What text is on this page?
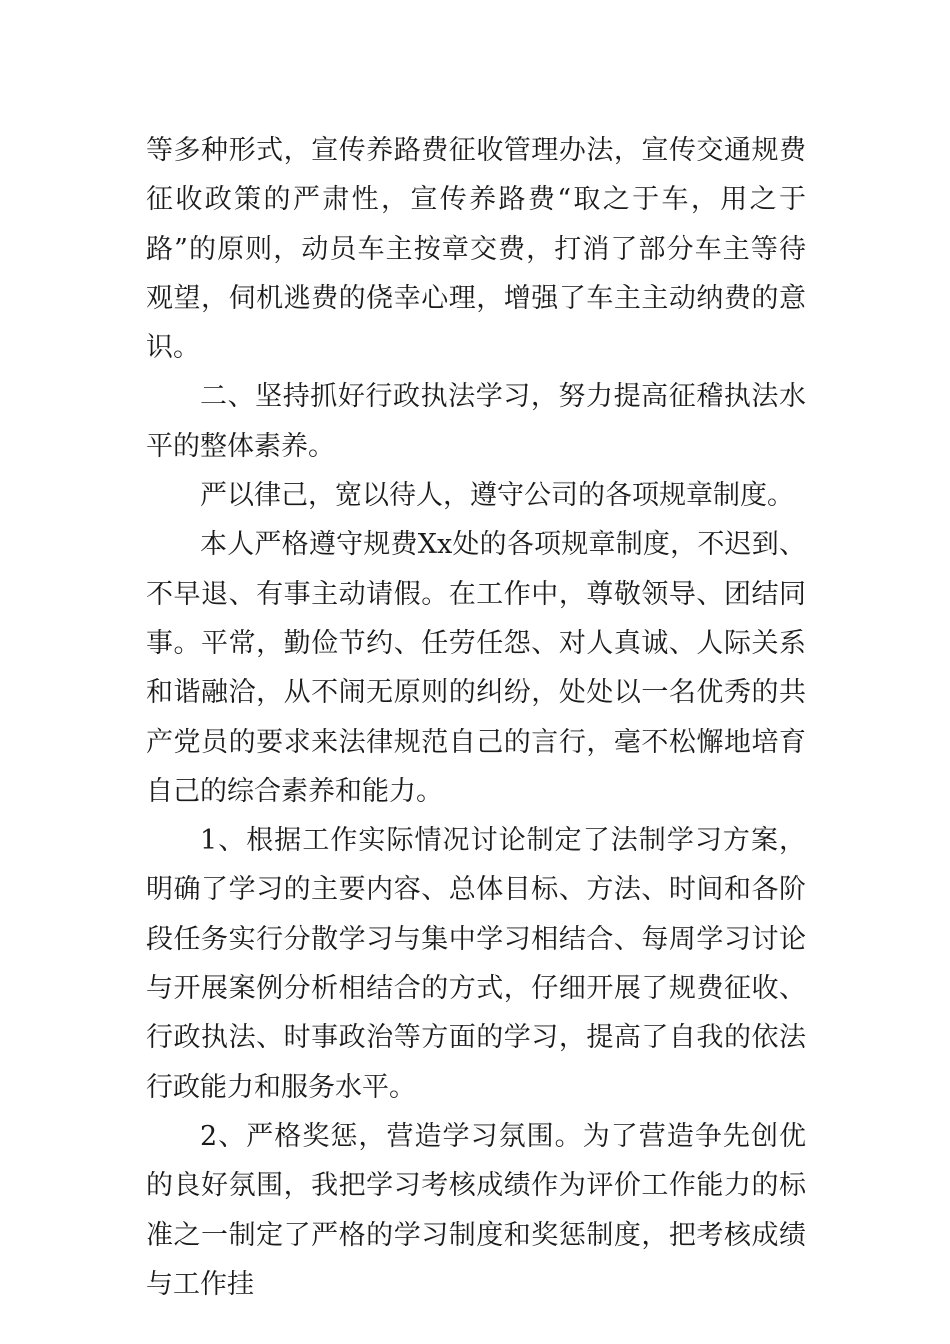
等多种形式，宣传养路费征收管理办法，宣传交通规费征收政策的严肃性，宣传养路费“取之于车，用之于路”的原则，动员车主按章交费，打消了部分车主等待观望，伺机逃费的侥幸心理，增强了车主主动纳费的意识。

二、坚持抓好行政执法学习，努力提高征稽执法水平的整体素养。

严以律己，宽以待人，遵守公司的各项规章制度。

本人严格遵守规费Xx处的各项规章制度，不迟到、不早退、有事主动请假。在工作中，尊敬领导、团结同事。平常，勤俭节约、任劳任怨、对人真诚、人际关系和谐融洽，从不闹无原则的纠纷，处处以一名优秀的共产党员的要求来法律规范自己的言行，毫不松懈地培育自己的综合素养和能力。

1、根据工作实际情况讨论制定了法制学习方案，明确了学习的主要内容、总体目标、方法、时间和各阶段任务实行分散学习与集中学习相结合、每周学习讨论与开展案例分析相结合的方式，仔细开展了规费征收、行政执法、时事政治等方面的学习，提高了自我的依法行政能力和服务水平。

2、严格奖惩，营造学习氛围。为了营造争先创优的良好氛围，我把学习考核成绩作为评价工作能力的标准之一制定了严格的学习制度和奖惩制度，把考核成绩与工作挂
